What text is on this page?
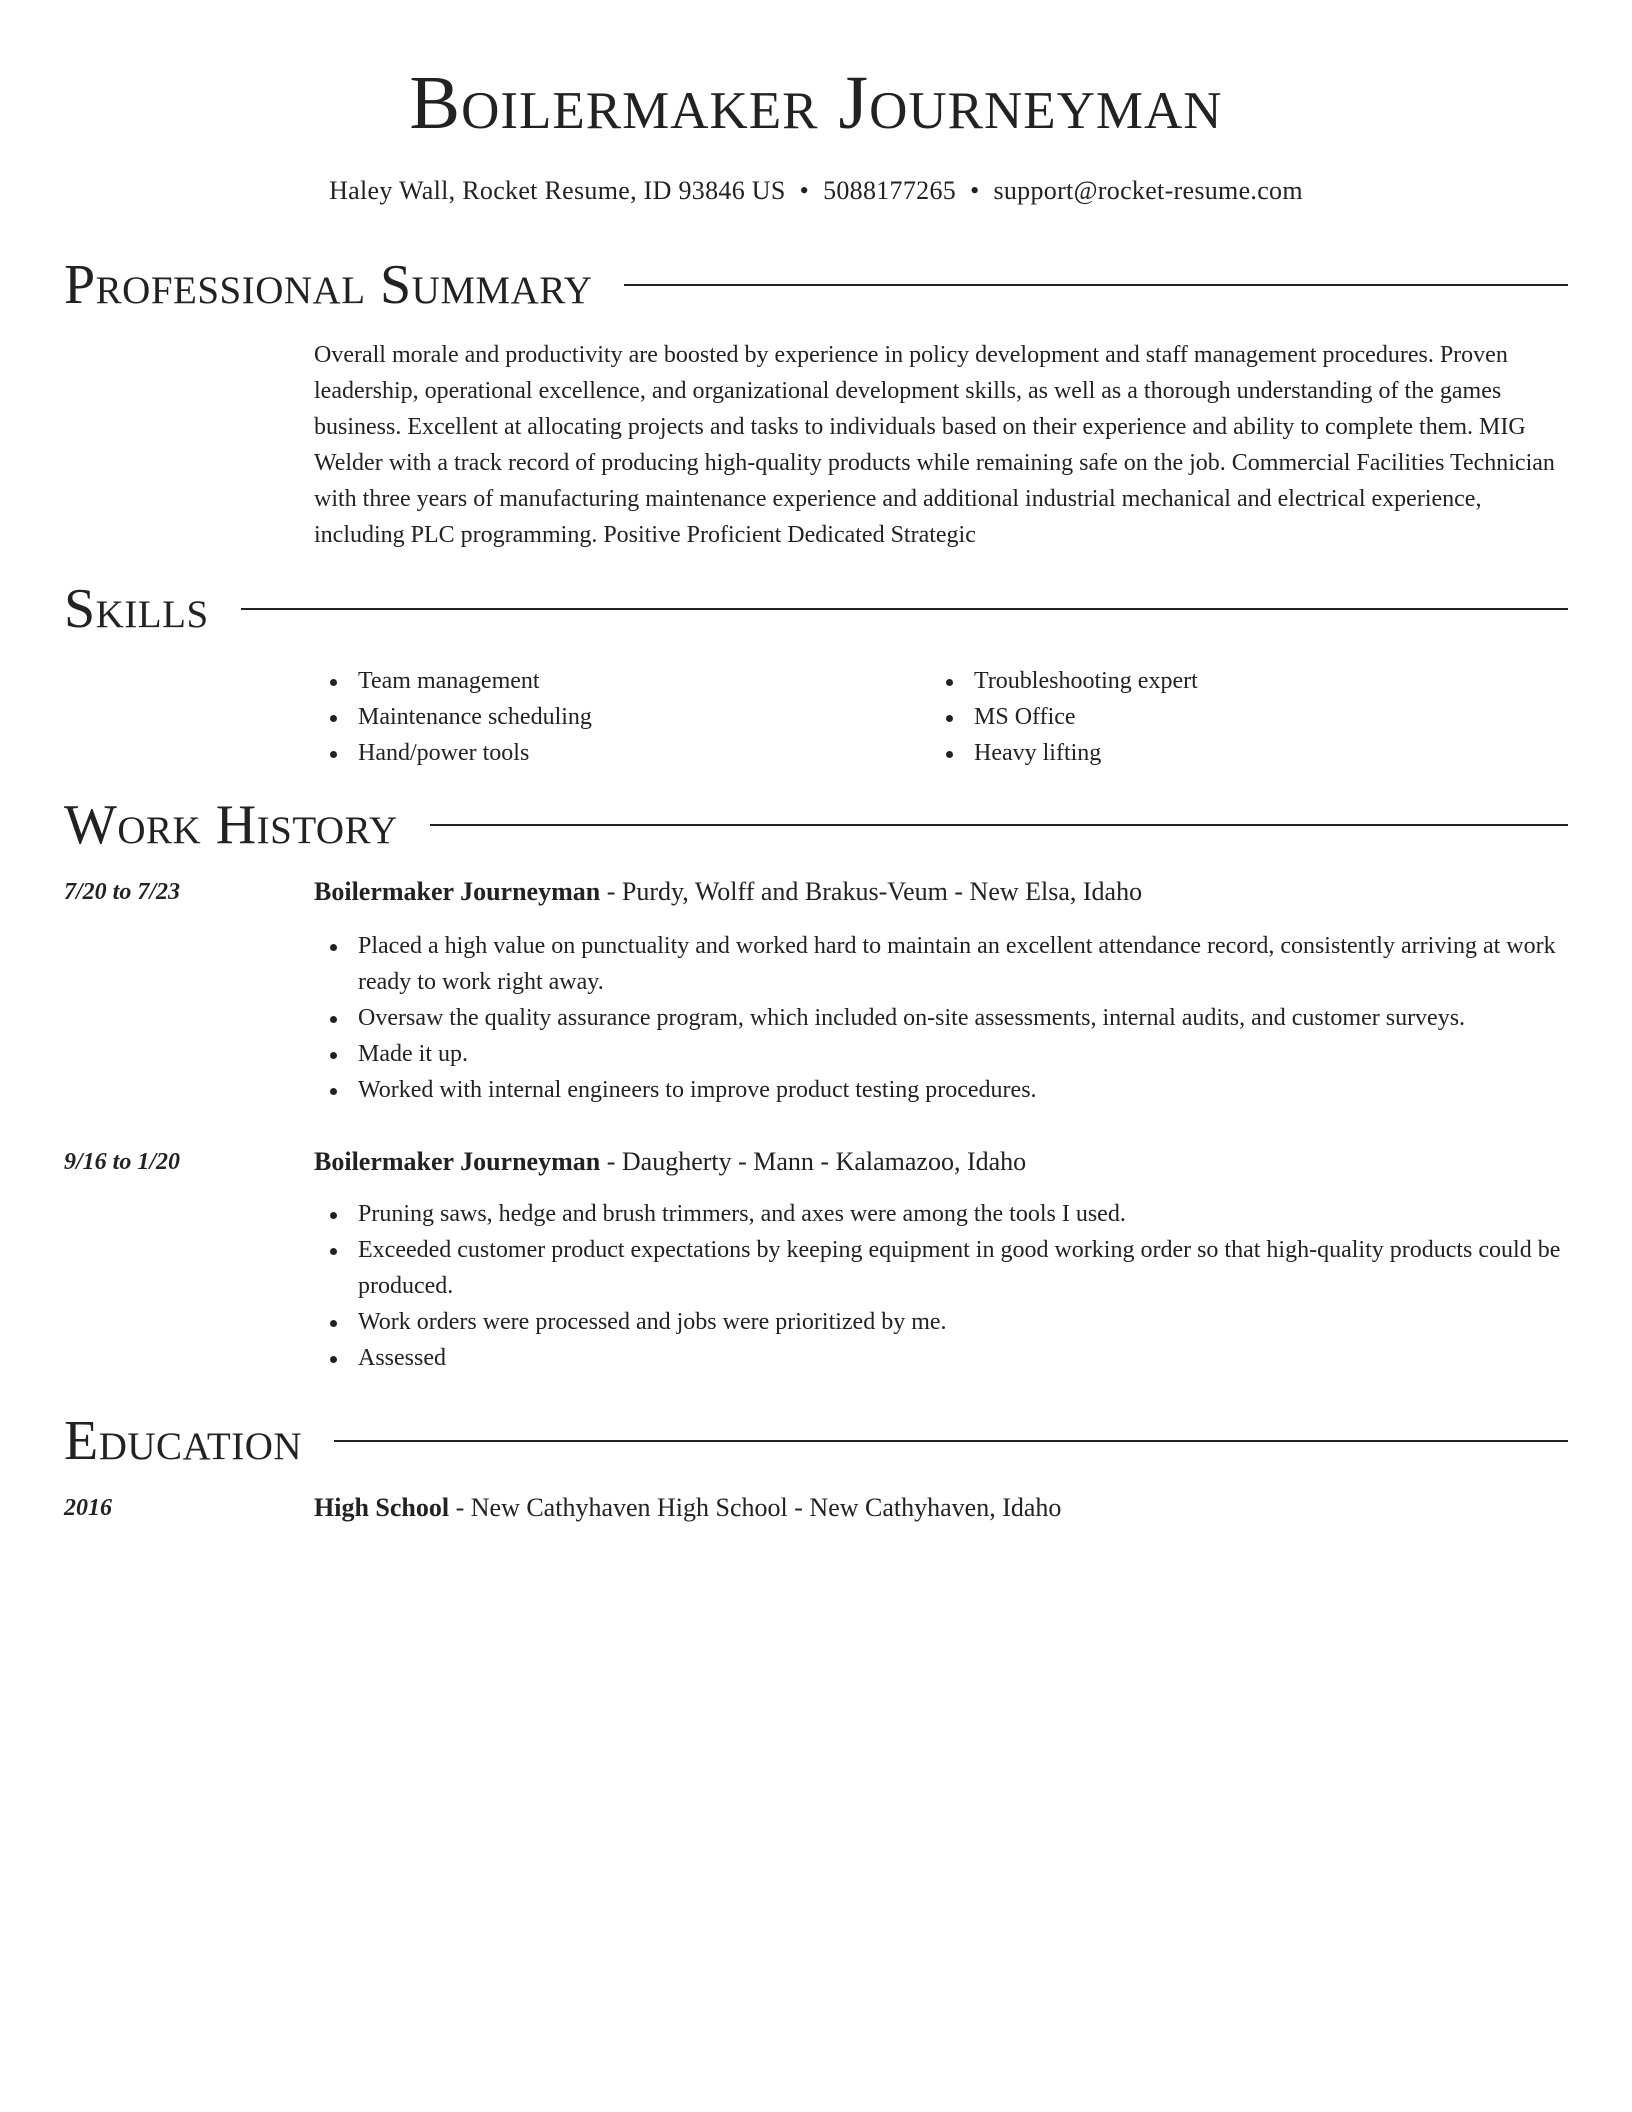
Boilermaker Journeyman
Haley Wall, Rocket Resume, ID 93846 US • 5088177265 • support@rocket-resume.com
Professional Summary

Overall morale and productivity are boosted by experience in policy development and staff management procedures. Proven leadership, operational excellence, and organizational development skills, as well as a thorough understanding of the games business. Excellent at allocating projects and tasks to individuals based on their experience and ability to complete them. MIG Welder with a track record of producing high-quality products while remaining safe on the job. Commercial Facilities Technician with three years of manufacturing maintenance experience and additional industrial mechanical and electrical experience, including PLC programming. Positive Proficient Dedicated Strategic

Skills
Team management
Maintenance scheduling
Hand/power tools
Troubleshooting expert
MS Office
Heavy lifting
Work History
7/20 to 7/23	Boilermaker Journeyman - Purdy, Wolff and Brakus-Veum - New Elsa, Idaho
Placed a high value on punctuality and worked hard to maintain an excellent attendance record, consistently arriving at work ready to work right away.
Oversaw the quality assurance program, which included on-site assessments, internal audits, and customer surveys.
Made it up.
Worked with internal engineers to improve product testing procedures.
9/16 to 1/20	Boilermaker Journeyman - Daugherty - Mann - Kalamazoo, Idaho
Pruning saws, hedge and brush trimmers, and axes were among the tools I used.
Exceeded customer product expectations by keeping equipment in good working order so that high-quality products could be produced.
Work orders were processed and jobs were prioritized by me.
Assessed
Education
2016	High School - New Cathyhaven High School - New Cathyhaven, Idaho
